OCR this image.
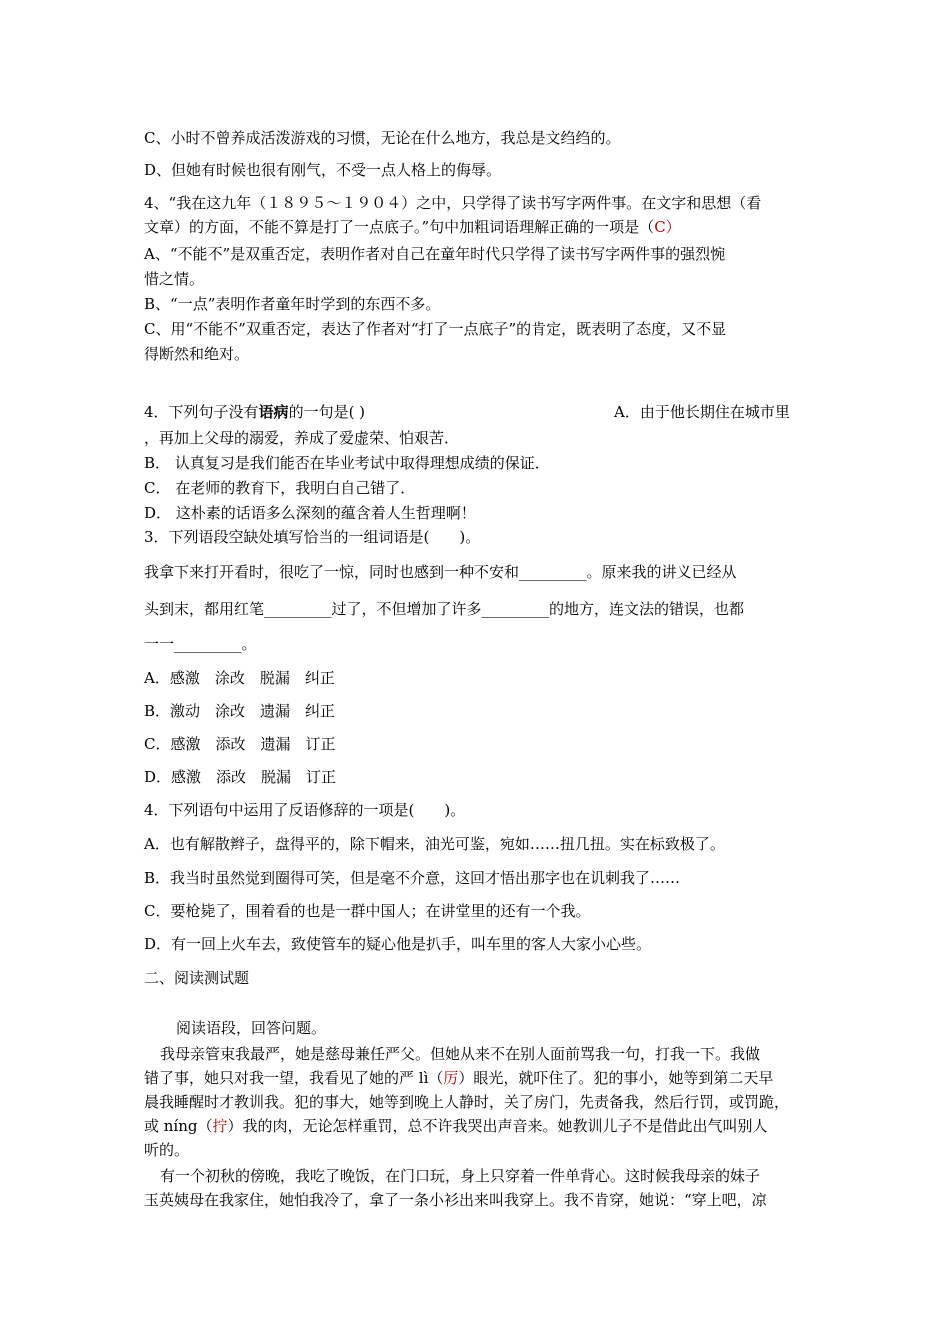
C、小时不曾养成活泼游戏的习惯，无论在什么地方，我总是文绉绉的。
D、但她有时候也很有刚气，不受一点人格上的侮辱。
4、“我在这九年（１８９５～１９０４）之中，只学得了读书写字两件事。在文字和思想（看
文章）的方面，不能不算是打了一点底子。”句中加粗词语理解正确的一项是（C）
A、“不能不”是双重否定，表明作者对自己在童年时代只学得了读书写字两件事的强烈惋
惜之情。
B、“一点”表明作者童年时学到的东西不多。
C、用“不能不”双重否定，表达了作者对“打了一点底子”的肯定，既表明了态度，又不显
得断然和绝对。
4．下列句子没有语病的一句是( )	A．由于他长期住在城市里
，再加上父母的溺爱，养成了爱虚荣、怕艰苦．
B． 认真复习是我们能否在毕业考试中取得理想成绩的保证．
C． 在老师的教育下，我明白自己错了．
D． 这朴素的话语多么深刻的蕴含着人生哲理啊！
3．下列语段空缺处填写恰当的一组词语是(　　)。
我拿下来打开看时，很吃了一惊，同时也感到一种不安和_________。原来我的讲义已经从
头到末，都用红笔_________过了，不但增加了许多_________的地方，连文法的错误，也都
一一_________。
A．感激　涂改　脱漏　纠正
B．激动　涂改　遗漏　纠正
C．感激　添改　遗漏　订正
D．感激　添改　脱漏　订正
4．下列语句中运用了反语修辞的一项是(　　)。
A．也有解散辫子，盘得平的，除下帽来，油光可鉴，宛如……扭几扭。实在标致极了。
B．我当时虽然觉到圈得可笑，但是毫不介意，这回才悟出那字也在讥刺我了……
C．要枪毙了，围着看的也是一群中国人；在讲堂里的还有一个我。
D．有一回上火车去，致使管车的疑心他是扒手，叫车里的客人大家小心些。
二、阅读测试题
阅读语段，回答问题。
我母亲管束我最严，她是慈母兼任严父。但她从来不在别人面前骂我一句，打我一下。我做
错了事，她只对我一望，我看见了她的严 lì（厉）眼光，就吓住了。犯的事小，她等到第二天早
晨我睡醒时才教训我。犯的事大，她等到晚上人静时，关了房门，先责备我，然后行罚，或罚跪，
或 níng（拧）我的肉，无论怎样重罚，总不许我哭出声音来。她教训儿子不是借此出气叫别人
听的。
有一个初秋的傍晚，我吃了晚饭，在门口玩，身上只穿着一件单背心。这时候我母亲的妹子
玉英姨母在我家住，她怕我冷了，拿了一条小衫出来叫我穿上。我不肯穿，她说：“穿上吧，凉
